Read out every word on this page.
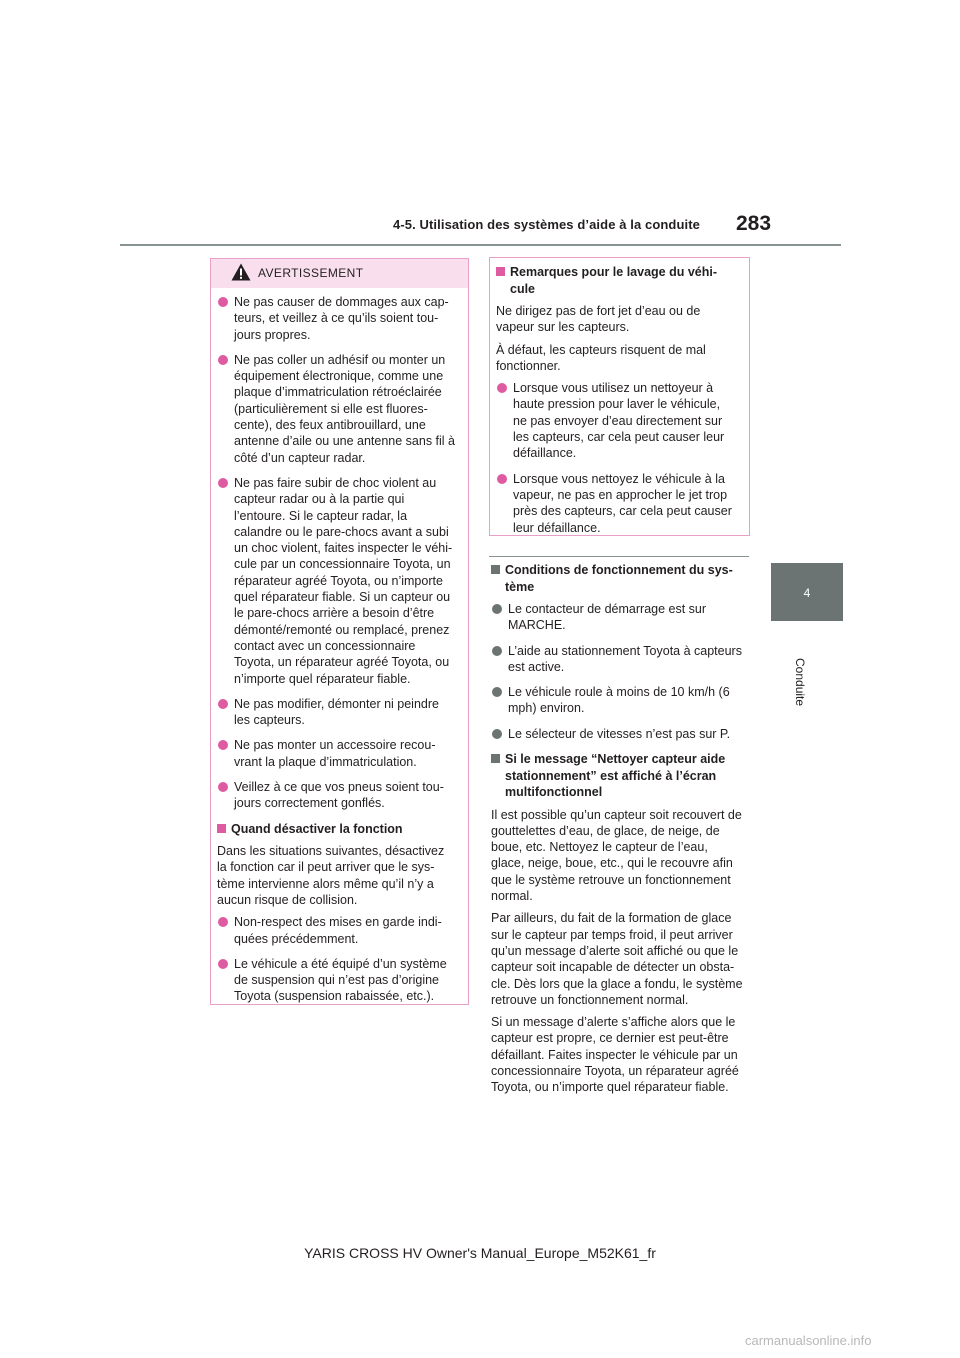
4-5. Utilisation des systèmes d’aide à la conduite 283
4
Conduite
AVERTISSEMENT
Ne pas causer de dommages aux cap-
teurs, et veillez à ce qu’ils soient tou-
jours propres.
Ne pas coller un adhésif ou monter un
équipement électronique, comme une
plaque d’immatriculation rétroéclairée
(particulièrement si elle est fluores-
cente), des feux antibrouillard, une
antenne d’aile ou une antenne sans fil à
côté d’un capteur radar.
Ne pas faire subir de choc violent au
capteur radar ou à la partie qui
l’entoure. Si le capteur radar, la
calandre ou le pare-chocs avant a subi
un choc violent, faites inspecter le véhi-
cule par un concessionnaire Toyota, un
réparateur agréé Toyota, ou n’importe
quel réparateur fiable. Si un capteur ou
le pare-chocs arrière a besoin d’être
démonté/remonté ou remplacé, prenez
contact avec un concessionnaire
Toyota, un réparateur agréé Toyota, ou
n’importe quel réparateur fiable.
Ne pas modifier, démonter ni peindre
les capteurs.
Ne pas monter un accessoire recou-
vrant la plaque d’immatriculation.
Veillez à ce que vos pneus soient tou-
jours correctement gonflés.
Quand désactiver la fonction
Dans les situations suivantes, désactivez
la fonction car il peut arriver que le sys-
tème intervienne alors même qu’il n’y a
aucun risque de collision.
Non-respect des mises en garde indi-
quées précédemment.
Le véhicule a été équipé d’un système
de suspension qui n’est pas d’origine
Toyota (suspension rabaissée, etc.).
Remarques pour le lavage du véhi-
cule
Ne dirigez pas de fort jet d’eau ou de
vapeur sur les capteurs.
À défaut, les capteurs risquent de mal
fonctionner.
Lorsque vous utilisez un nettoyeur à
haute pression pour laver le véhicule,
ne pas envoyer d’eau directement sur
les capteurs, car cela peut causer leur
défaillance.
Lorsque vous nettoyez le véhicule à la
vapeur, ne pas en approcher le jet trop
près des capteurs, car cela peut causer
leur défaillance.
Conditions de fonctionnement du sys-
tème
Le contacteur de démarrage est sur
MARCHE.
L’aide au stationnement Toyota à capteurs
est active.
Le véhicule roule à moins de 10 km/h (6
mph) environ.
Le sélecteur de vitesses n’est pas sur P.
Si le message “Nettoyer capteur aide
stationnement” est affiché à l’écran
multifonctionnel
Il est possible qu’un capteur soit recouvert de
gouttelettes d’eau, de glace, de neige, de
boue, etc. Nettoyez le capteur de l’eau,
glace, neige, boue, etc., qui le recouvre afin
que le système retrouve un fonctionnement
normal.
Par ailleurs, du fait de la formation de glace
sur le capteur par temps froid, il peut arriver
qu’un message d’alerte soit affiché ou que le
capteur soit incapable de détecter un obsta-
cle. Dès lors que la glace a fondu, le système
retrouve un fonctionnement normal.
Si un message d’alerte s’affiche alors que le
capteur est propre, ce dernier est peut-être
défaillant. Faites inspecter le véhicule par un
concessionnaire Toyota, un réparateur agréé
Toyota, ou n’importe quel réparateur fiable.
YARIS CROSS HV Owner's Manual_Europe_M52K61_fr
carmanualsonline.info
